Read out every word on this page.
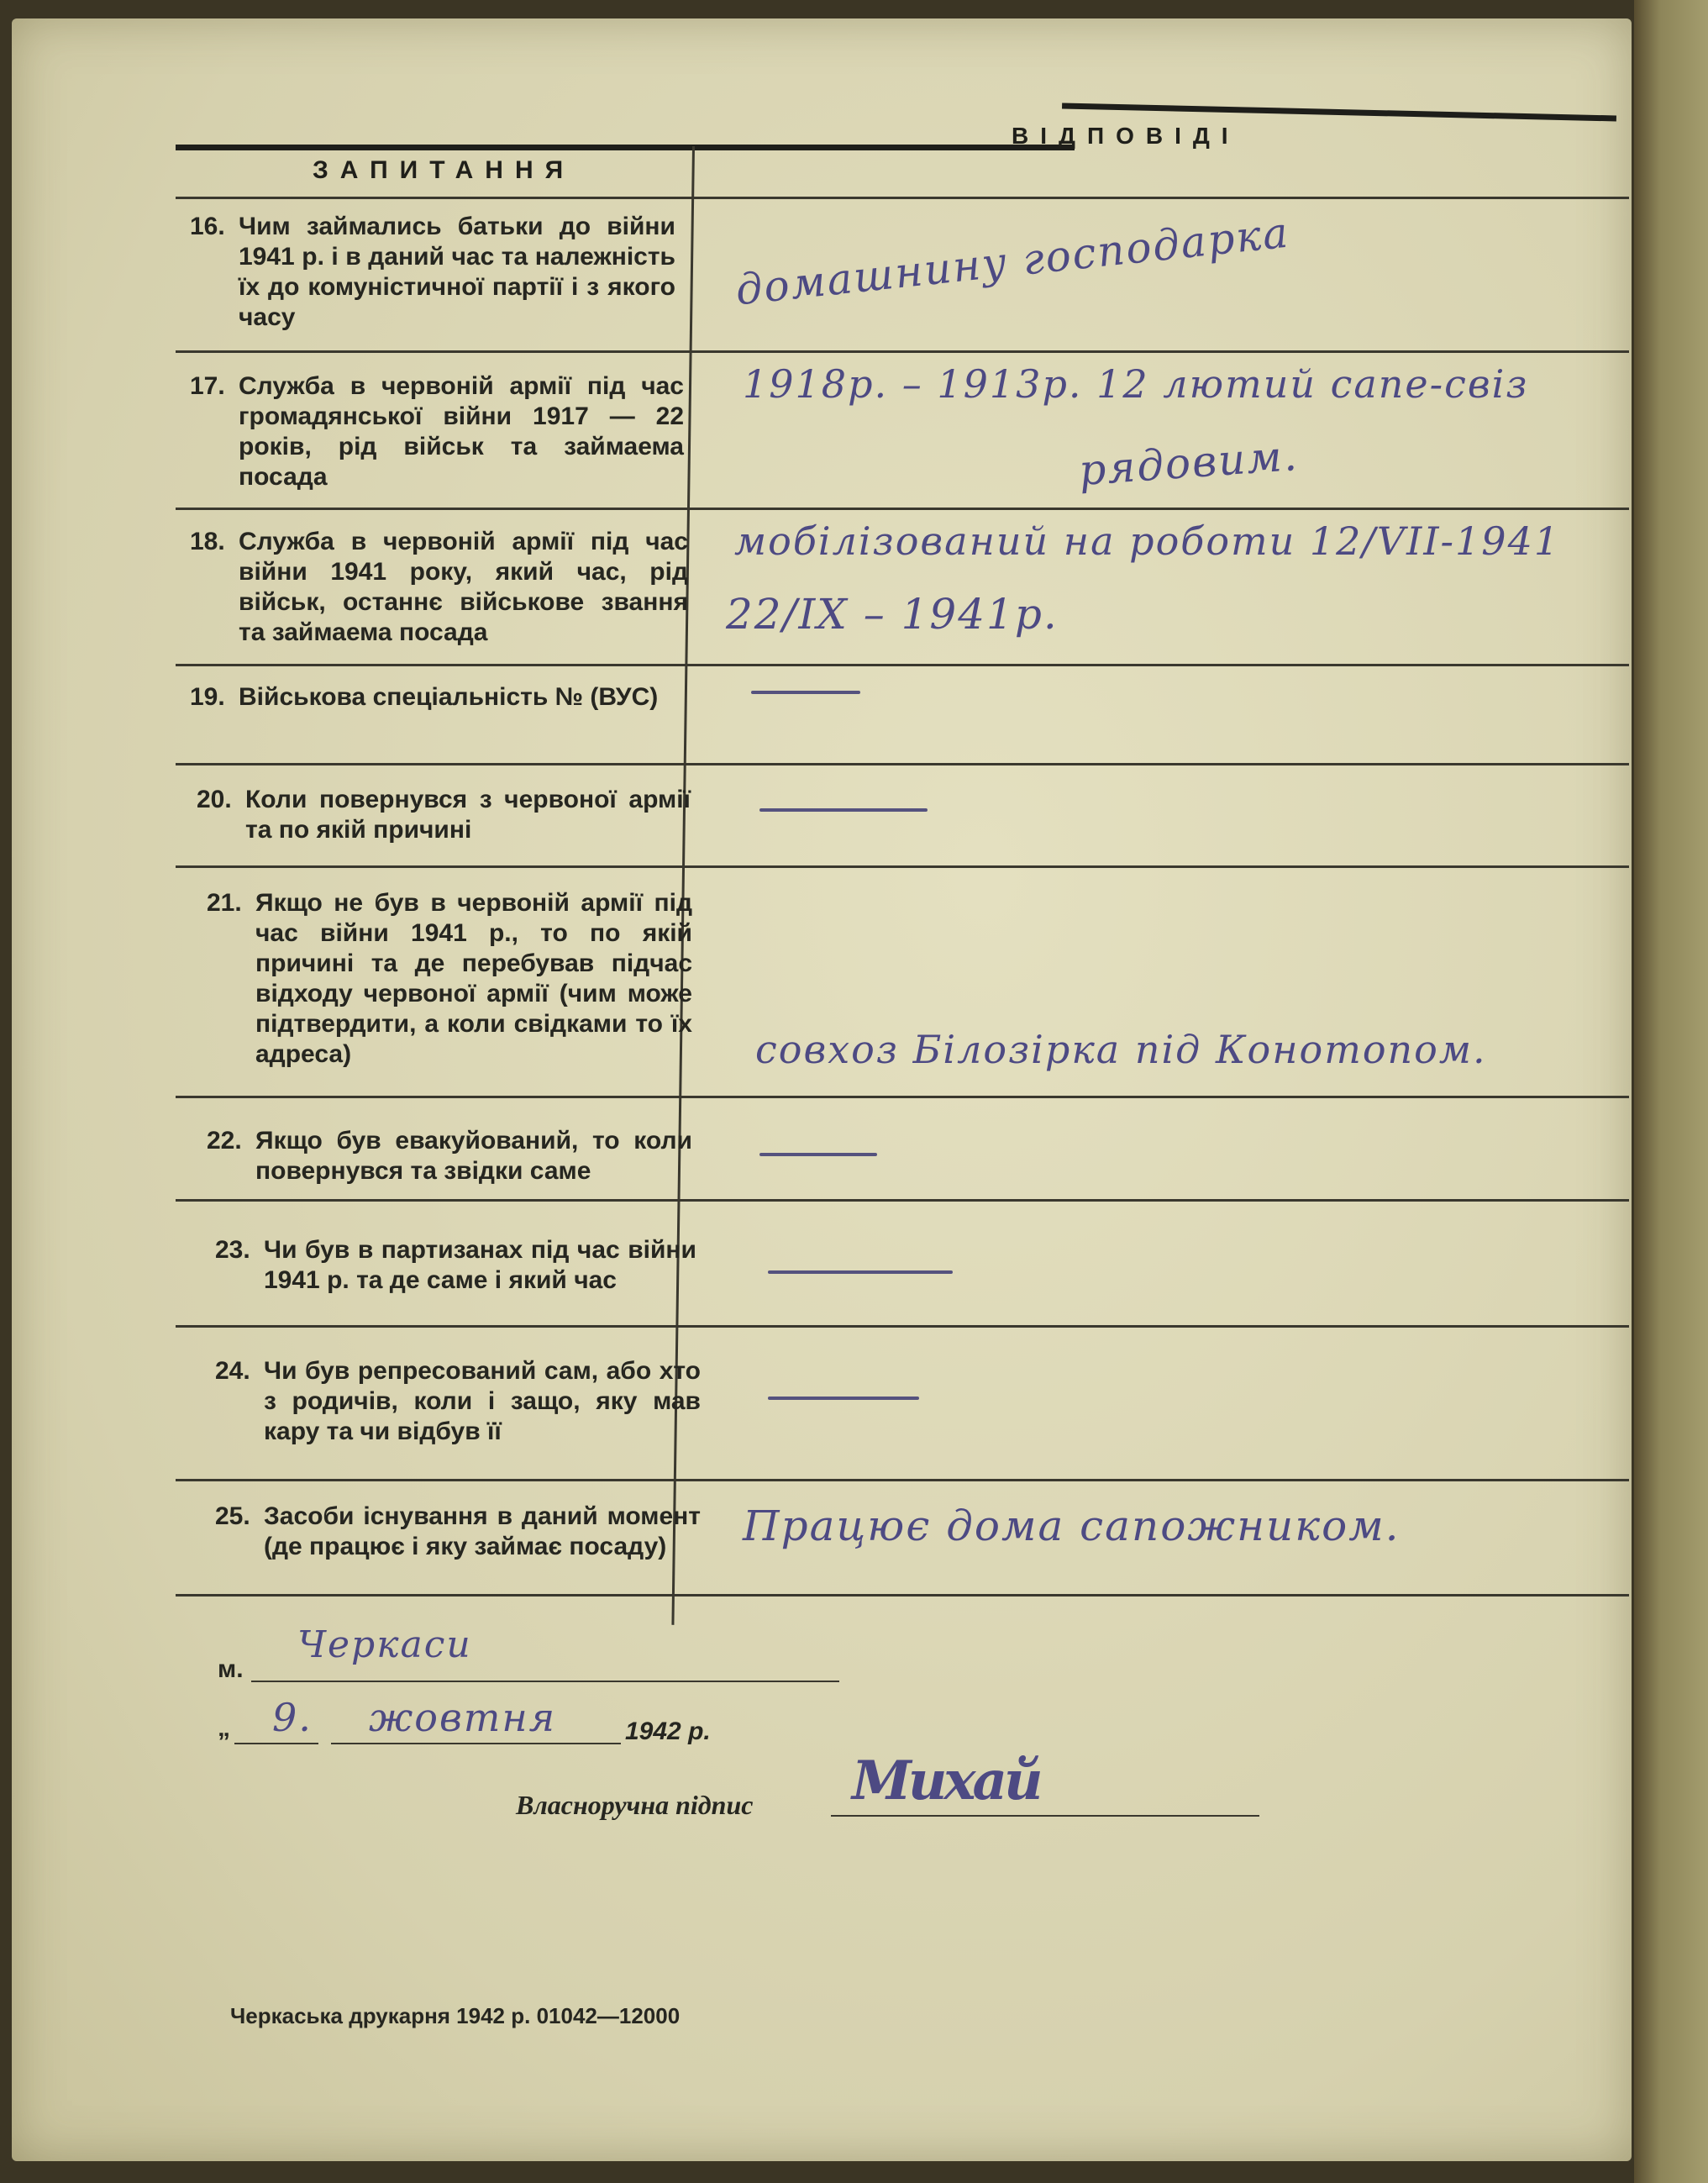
ЗАПИТАННЯ
ВІДПОВІДІ
16. Чим займались батьки до війни 1941 р. і в даний час та належність їх до комуністичної партії і з якого часу
домашнину господарка
17. Служба в червоній армії під час громадянської війни 1917 — 22 років, рід військ та займаема посада
1918р. – 1913р. 12 лютий сапе-свіз
рядовим.
18. Служба в червоній армії під час війни 1941 року, який час, рід військ, останнє військове звання та займаема посада
мобілізований на роботи 12/VII-1941
22/IX – 1941р.
19. Військова спеціальність № (ВУС)
20. Коли повернувся з червоної армії та по якій причині
21. Якщо не був в червоній армії під час війни 1941 р., то по якій причині та де перебував підчас відходу червоної армії (чим може підтвердити, а коли свідками то їх адреса)	совхоз Білозірка під Конотопом.
22. Якщо був евакуйований, то коли повернувся та звідки саме
23. Чи був в партизанах під час війни 1941 р. та де саме і який час
24. Чи був репресований сам, або хто з родичів, коли і защо, яку мав кару та чи відбув її
25. Засоби існування в даний момент (де працює і яку займає посаду)	Працює дома сапожником.
м.
Черкаси
„ 9. жовтня	1942 р.
Власноручна підпис Михай
Черкаська друкарня 1942 р. 01042—12000
